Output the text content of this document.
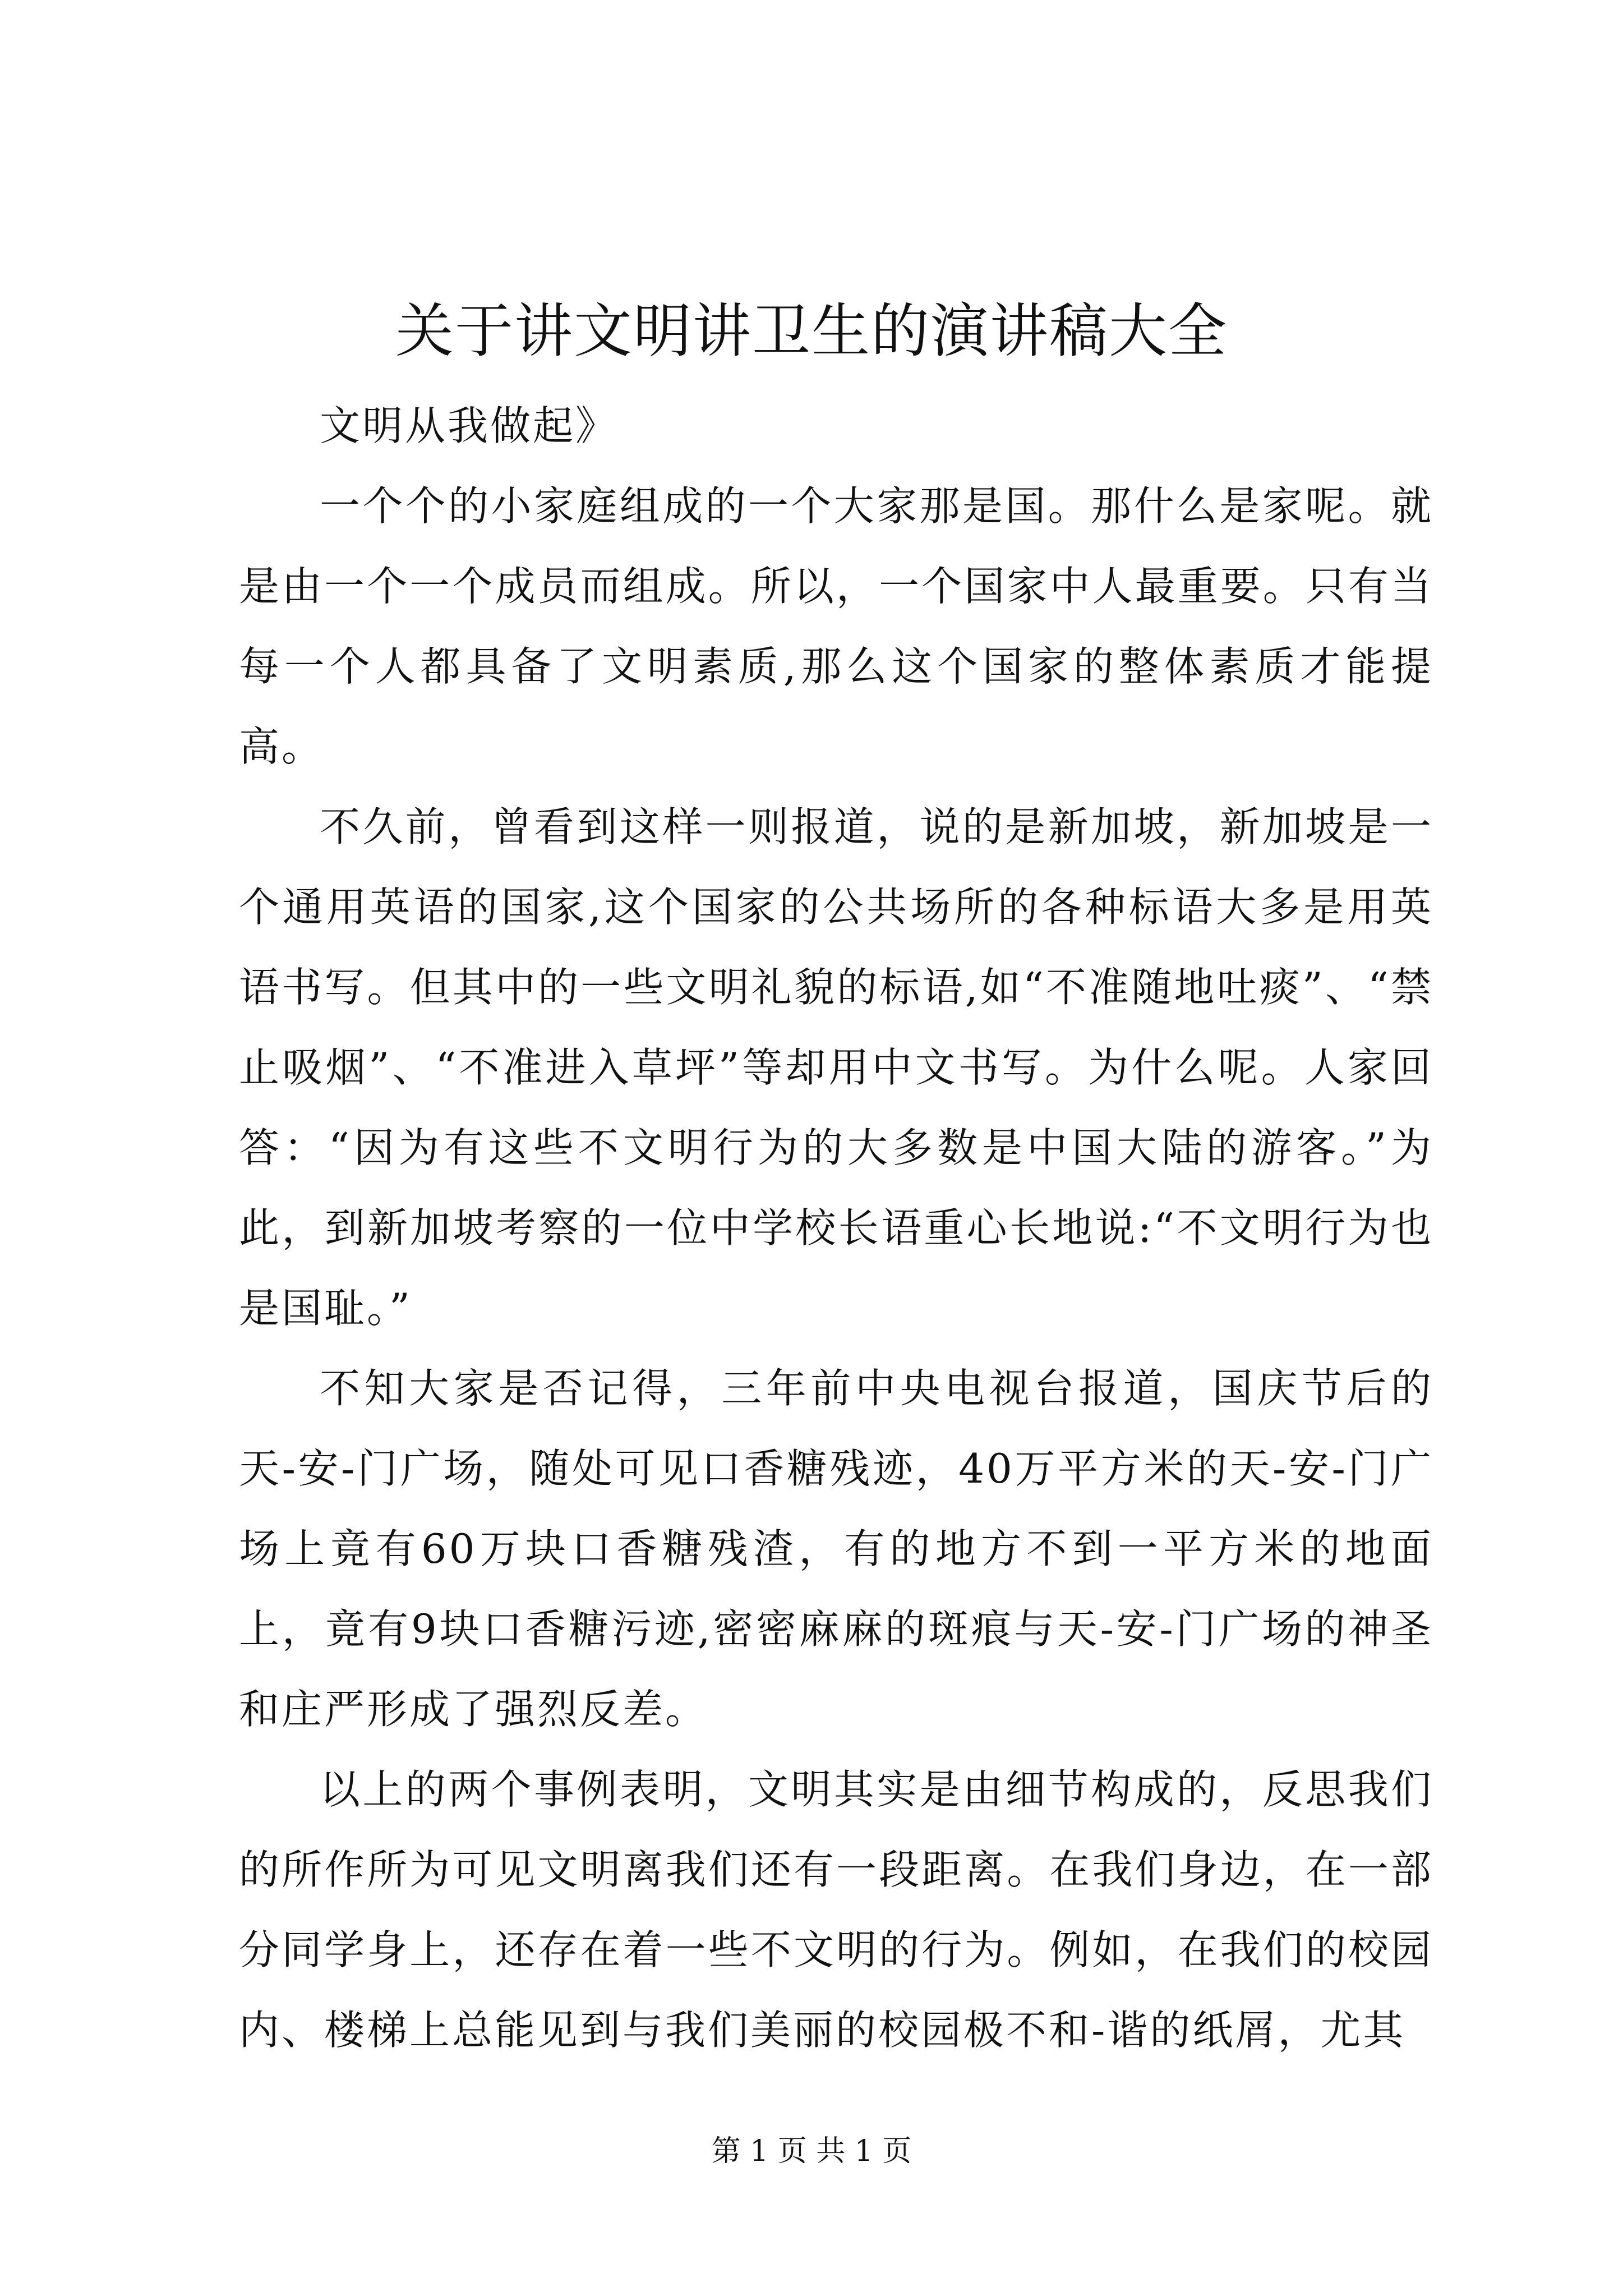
关于讲文明讲卫生的演讲稿大全

文明从我做起》

一个个的小家庭组成的一个大家那是国。那什么是家呢。就是由一个一个成员而组成。所以，一个国家中人最重要。只有当每一个人都具备了文明素质,那么这个国家的整体素质才能提高。

不久前，曾看到这样一则报道，说的是新加坡，新加坡是一个通用英语的国家,这个国家的公共场所的各种标语大多是用英语书写。但其中的一些文明礼貌的标语,如“不准随地吐痰”、“禁止吸烟”、“不准进入草坪”等却用中文书写。为什么呢。人家回答：“因为有这些不文明行为的大多数是中国大陆的游客。”为此，到新加坡考察的一位中学校长语重心长地说:“不文明行为也是国耻。”

不知大家是否记得，三年前中央电视台报道，国庆节后的天-安-门广场，随处可见口香糖残迹，40万平方米的天-安-门广场上竟有60万块口香糖残渣，有的地方不到一平方米的地面上，竟有9块口香糖污迹,密密麻麻的斑痕与天-安-门广场的神圣和庄严形成了强烈反差。

以上的两个事例表明，文明其实是由细节构成的，反思我们的所作所为可见文明离我们还有一段距离。在我们身边，在一部分同学身上，还存在着一些不文明的行为。例如，在我们的校园内、楼梯上总能见到与我们美丽的校园极不和-谐的纸屑，尤其

第 1 页 共 1 页
